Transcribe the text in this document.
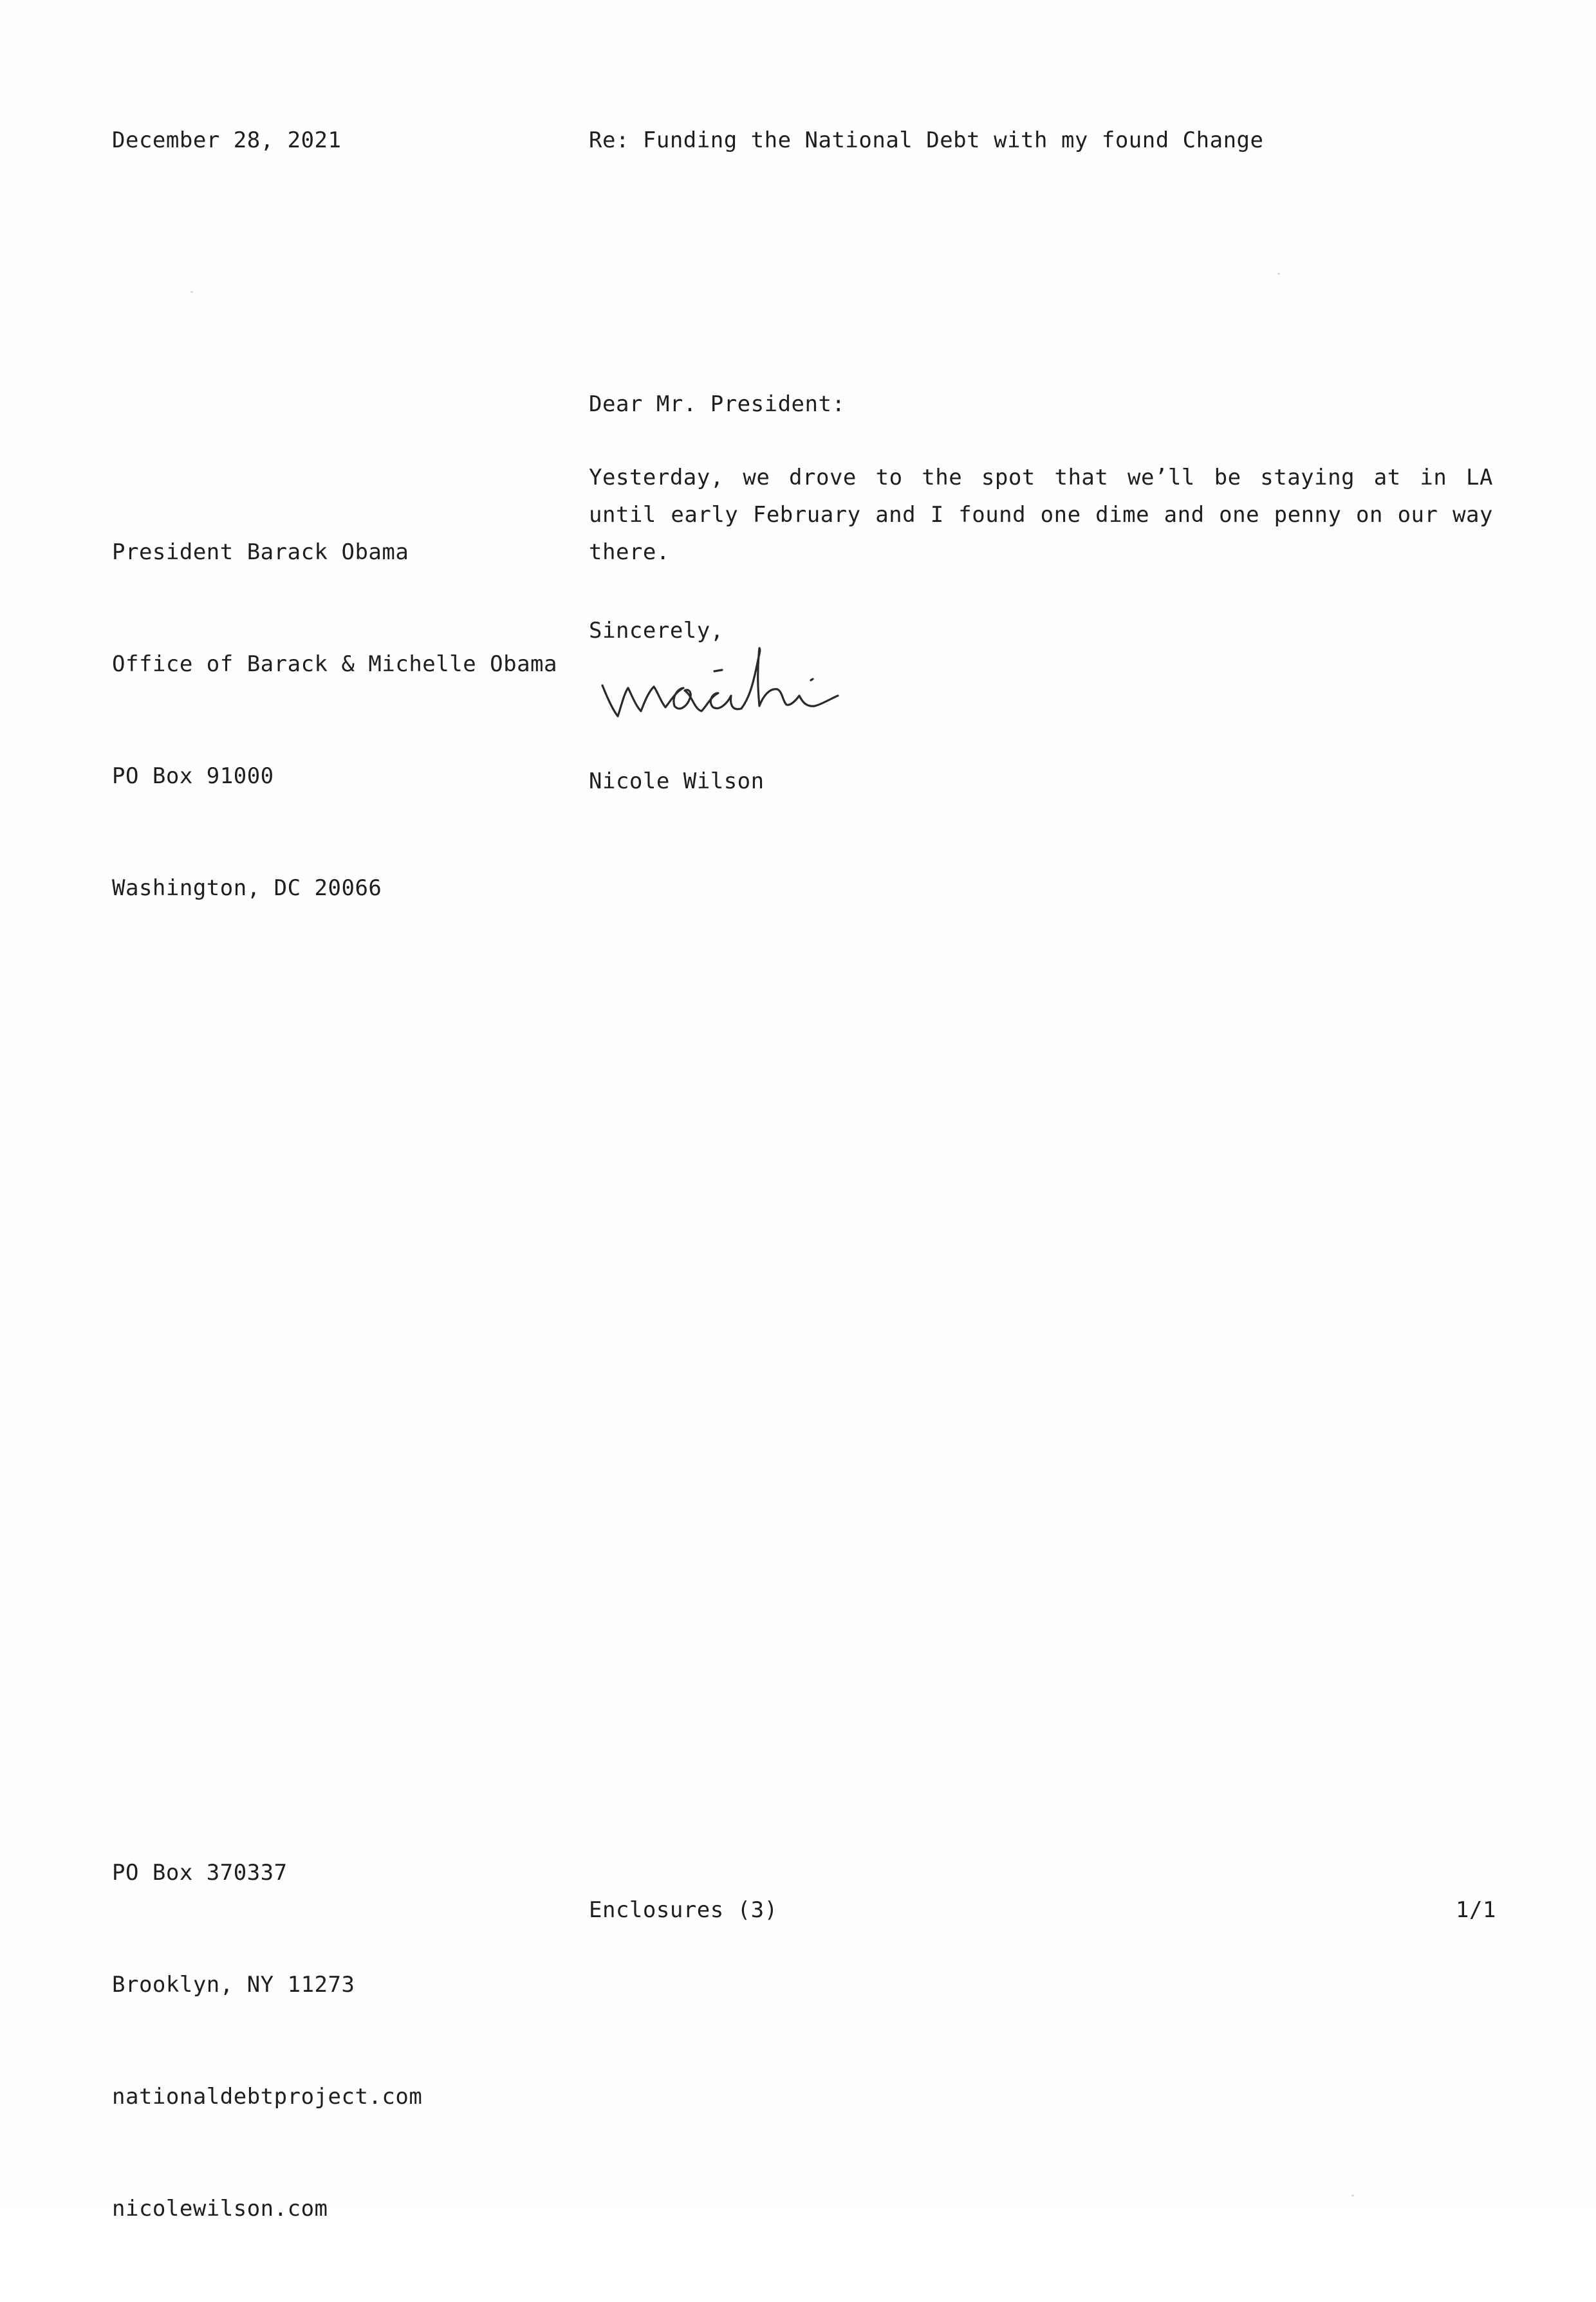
December 28, 2021	Re: Funding the National Debt with my found Change
Dear Mr. President:

President Barack Obama

Office of Barack & Michelle Obama

PO Box 91000

Washington, DC 20066

Yesterday, we drove to the spot that we’ll be staying at in LA until early February and I found one dime and one penny on our way there.
Sincerely,
Nicole Wilson

PO Box 370337

Brooklyn, NY 11273

nationaldebtproject.com

nicolewilson.com

Enclosures (3)	1/1
